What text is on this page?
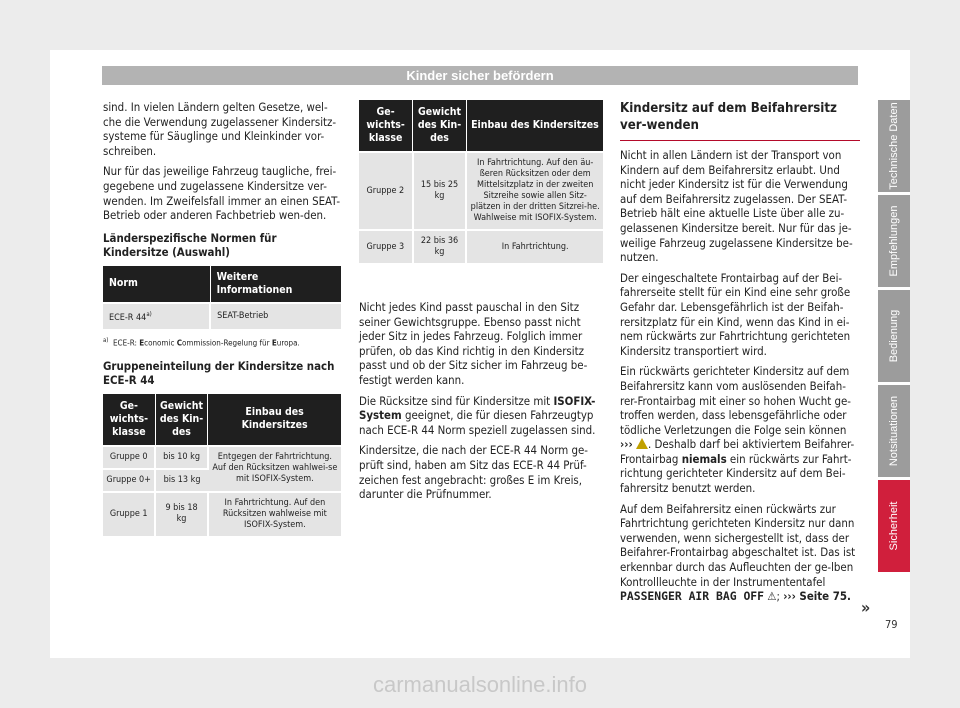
Kinder sicher befördern

sind. In vielen Ländern gelten Gesetze, wel-che die Verwendung zugelassener Kindersitz-systeme für Säuglinge und Kleinkinder vor-schreiben.

Nur für das jeweilige Fahrzeug taugliche, frei-gegebene und zugelassene Kindersitze ver-wenden. Im Zweifelsfall immer an einen SEAT-Betrieb oder anderen Fachbetrieb wen-den.

Länderspezifische Normen für Kindersitze (Auswahl)
Norm	Weitere Informationen
ECE-R 44$^{a)}$	SEAT-Betrieb
$^{a)}$ ECE-R: Economic Commission-Regelung für Europa.
Gruppeneinteilung der Kindersitze nach ECE-R 44
Ge-wichts-klasse	Gewicht des Kin-des	Einbau des Kindersitzes
Gruppe 0	bis 10 kg	Entgegen der Fahrtrichtung. Auf den Rücksitzen wahlwei-se mit ISOFIX-System.
Gruppe 0+	bis 13 kg	
Gruppe 1	9 bis 18 kg	In Fahrtrichtung. Auf den Rücksitzen wahlweise mit ISOFIX-System.
Ge-wichts-klasse	Gewicht des Kin-des	Einbau des Kindersitzes
Gruppe 2	15 bis 25 kg	In Fahrtrichtung. Auf den äu-ßeren Rücksitzen oder dem Mittelsitzplatz in der zweiten Sitzreihe sowie allen Sitz-plätzen in der dritten Sitzrei-he. Wahlweise mit ISOFIX-System.
Gruppe 3	22 bis 36 kg	In Fahrtrichtung.

Nicht jedes Kind passt pauschal in den Sitz seiner Gewichtsgruppe. Ebenso passt nicht jeder Sitz in jedes Fahrzeug. Folglich immer prüfen, ob das Kind richtig in den Kindersitz passt und ob der Sitz sicher im Fahrzeug be-festigt werden kann.

Die Rücksitze sind für Kindersitze mit ISOFIX-System geeignet, die für diesen Fahrzeugtyp nach ECE-R 44 Norm speziell zugelassen sind.

Kindersitze, die nach der ECE-R 44 Norm ge-prüft sind, haben am Sitz das ECE-R 44 Prüf-zeichen fest angebracht: großes E im Kreis, darunter die Prüfnummer.

Kindersitz auf dem Beifahrersitz ver-wenden

Nicht in allen Ländern ist der Transport von Kindern auf dem Beifahrersitz erlaubt. Und nicht jeder Kindersitz ist für die Verwendung auf dem Beifahrersitz zugelassen. Der SEAT-Betrieb hält eine aktuelle Liste über alle zu-gelassenen Kindersitze bereit. Nur für das je-weilige Fahrzeug zugelassene Kindersitze be-nutzen.

Der eingeschaltete Frontairbag auf der Bei-fahrerseite stellt für ein Kind eine sehr große Gefahr dar. Lebensgefährlich ist der Beifah-rersitzplatz für ein Kind, wenn das Kind in ei-nem rückwärts zur Fahrtrichtung gerichteten Kindersitz transportiert wird.

Ein rückwärts gerichteter Kindersitz auf dem Beifahrersitz kann vom auslösenden Beifah-rer-Frontairbag mit einer so hohen Wucht ge-troffen werden, dass lebensgefährliche oder tödliche Verletzungen die Folge sein können ››› . Deshalb darf bei aktiviertem Beifahrer-Frontairbag niemals ein rückwärts zur Fahrt-richtung gerichteter Kindersitz auf dem Bei-fahrersitz benutzt werden.

Auf dem Beifahrersitz einen rückwärts zur Fahrtrichtung gerichteten Kindersitz nur dann verwenden, wenn sichergestellt ist, dass der Beifahrer-Frontairbag abgeschaltet ist. Das ist erkennbar durch das Aufleuchten der ge-lben Kontrollleuchte in der Instrumententafel PASSENGER AIR BAG OFF ⚠; ››› Seite 75.

»
Technische Daten
Empfehlungen
Bedienung
Notsituationen
Sicherheit
79
carmanualsonline.info
